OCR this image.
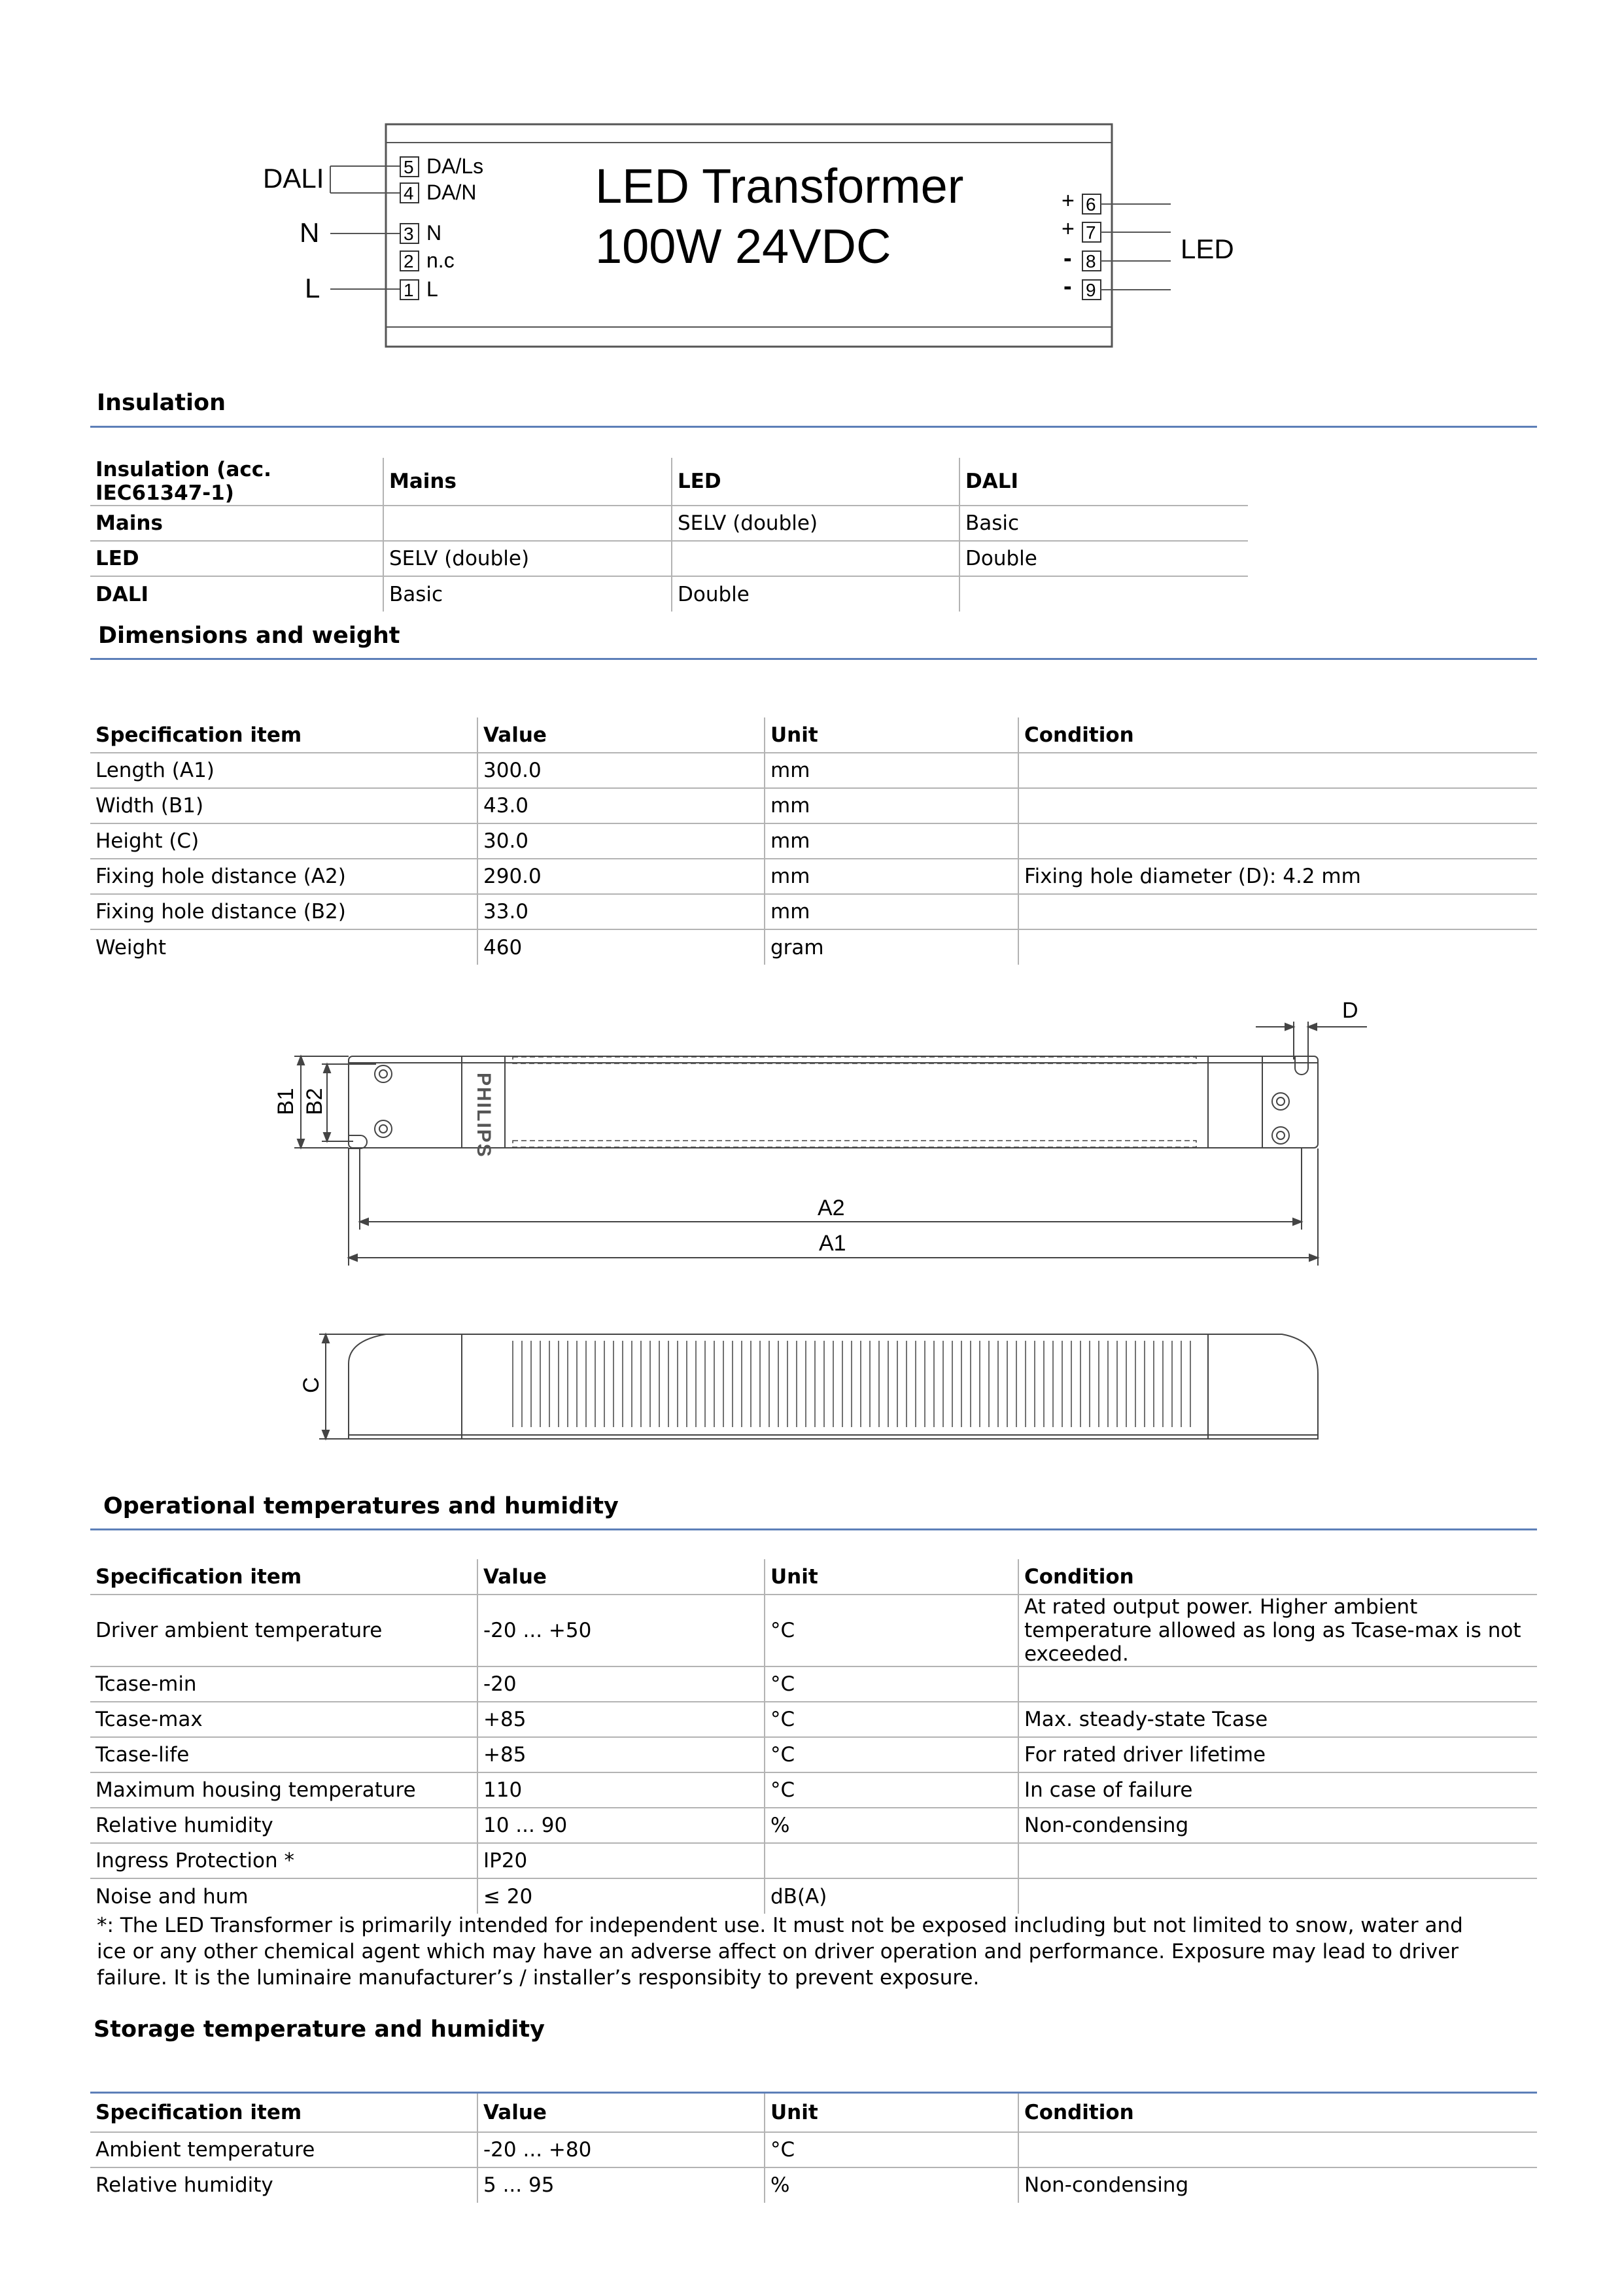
LED Transformer
100W 24VDC
DALI
N
L
5 DA/Ls
4 DA/N
3 N
2 n.c
1 L
+ 6
+ 7
- 8
- 9
LED
Insulation
Insulation (acc. IEC61347-1)	Mains	LED	DALI
Mains		SELV (double)	Basic
LED	SELV (double)		Double
DALI	Basic	Double	
Dimensions and weight
Specification item	Value	Unit	Condition
Length (A1)	300.0	mm	
Width (B1)	43.0	mm	
Height (C)	30.0	mm	
Fixing hole distance (A2)	290.0	mm	Fixing hole diameter (D): 4.2 mm
Fixing hole distance (B2)	33.0	mm	
Weight	460	gram	
D
PHILIPS
B1 B2
A2
A1
C
Operational temperatures and humidity
Specification item	Value	Unit	Condition
Driver ambient temperature	-20 ... +50	°C	At rated output power. Higher ambient temperature allowed as long as Tcase-max is not exceeded.
Tcase-min	-20	°C	
Tcase-max	+85	°C	Max. steady-state Tcase
Tcase-life	+85	°C	For rated driver lifetime
Maximum housing temperature	110	°C	In case of failure
Relative humidity	10 ... 90	%	Non-condensing
Ingress Protection *	IP20		
Noise and hum	≤ 20	dB(A)	
*: The LED Transformer is primarily intended for independent use. It must not be exposed including but not limited to snow, water and ice or any other chemical agent which may have an adverse affect on driver operation and performance. Exposure may lead to driver failure. It is the luminaire manufacturer’s / installer’s responsibity to prevent exposure.
Storage temperature and humidity
Specification item	Value	Unit	Condition
Ambient temperature	-20 ... +80	°C	
Relative humidity	5 ... 95	%	Non-condensing
